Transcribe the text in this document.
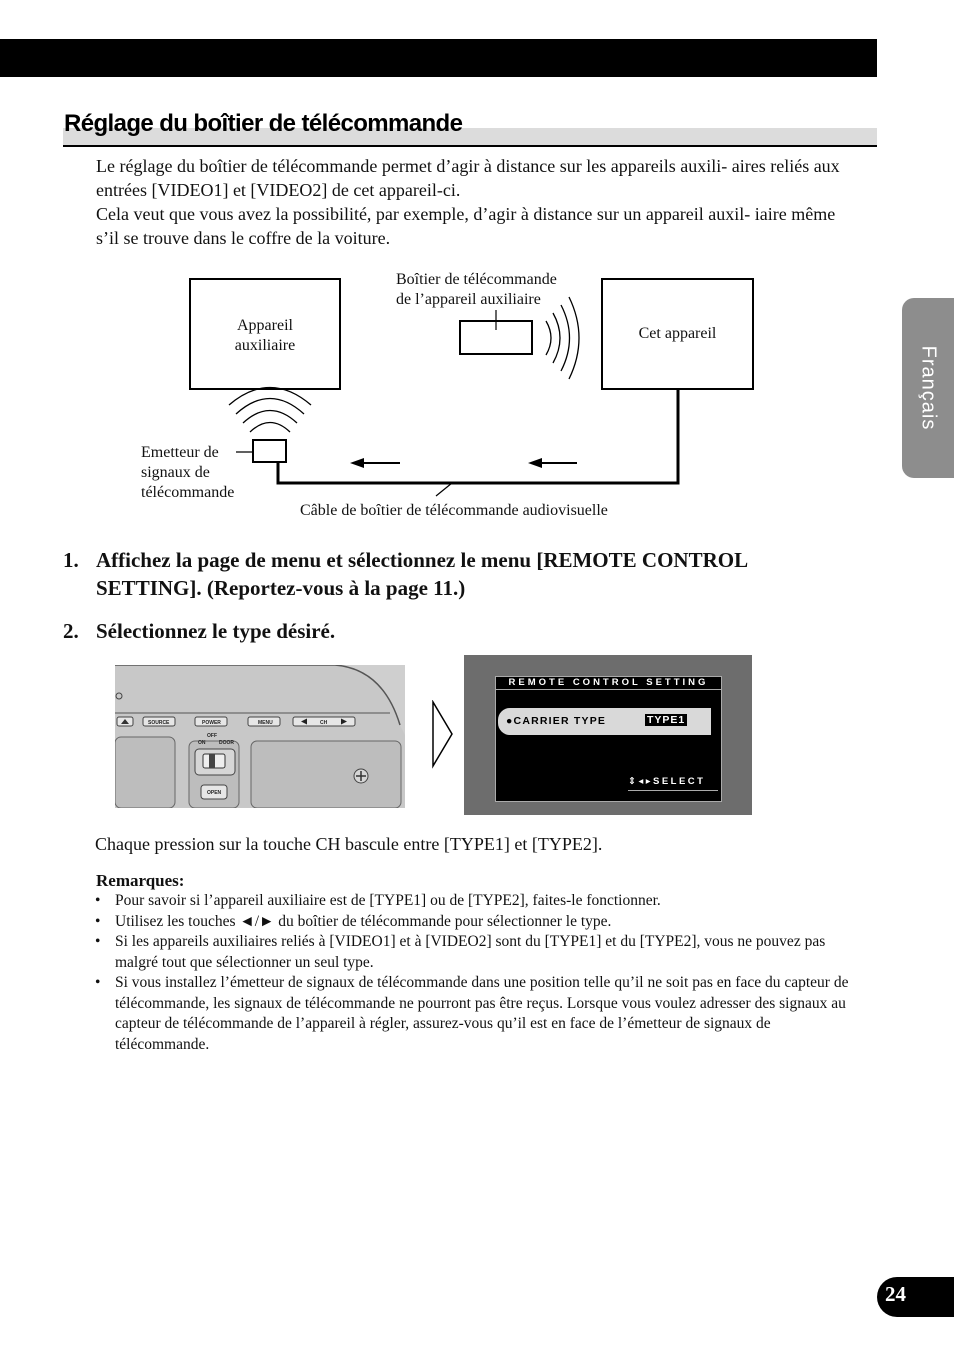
Réglage du boîtier de télécommande

Le réglage du boîtier de télécommande permet d’agir à distance sur les appareils auxili- aires reliés aux entrées [VIDEO1] et [VIDEO2] de cet appareil-ci.

Cela veut que vous avez la possibilité, par exemple, d’agir à distance sur un appareil auxil- iaire même s’il se trouve dans le coffre de la voiture.

Français
Appareil
auxiliaire
Boîtier de télécommande
de l’appareil auxiliaire
Cet appareil
Emetteur de
signaux de
télécommande
Câble de boîtier de télécommande audiovisuelle
1. Affichez la page de menu et sélectionnez le menu [REMOTE CONTROL
SETTING]. (Reportez-vous à la page 11.)
2. Sélectionnez le type désiré.
SOURCE	POWER	MENU	CH
OFF
ON	DOOR
OPEN
REMOTE CONTROL SETTING
●CARRIER TYPE	TYPE1
⇕◂▸SELECT
Chaque pression sur la touche CH bascule entre [TYPE1] et [TYPE2].
Remarques:
• Pour savoir si l’appareil auxiliaire est de [TYPE1] ou de [TYPE2], faites-le fonctionner.
• Utilisez les touches ◄/► du boîtier de télécommande pour sélectionner le type.
• Si les appareils auxiliaires reliés à [VIDEO1] et à [VIDEO2] sont du [TYPE1] et du [TYPE2], vous ne pouvez pas malgré tout que sélectionner un seul type.
• Si vous installez l’émetteur de signaux de télécommande dans une position telle qu’il ne soit pas en face du capteur de télécommande, les signaux de télécommande ne pourront pas être reçus. Lorsque vous voulez adresser des signaux au capteur de télécommande de l’appareil à régler, assurez-vous qu’il est en face de l’émetteur de signaux de télécommande.
24
